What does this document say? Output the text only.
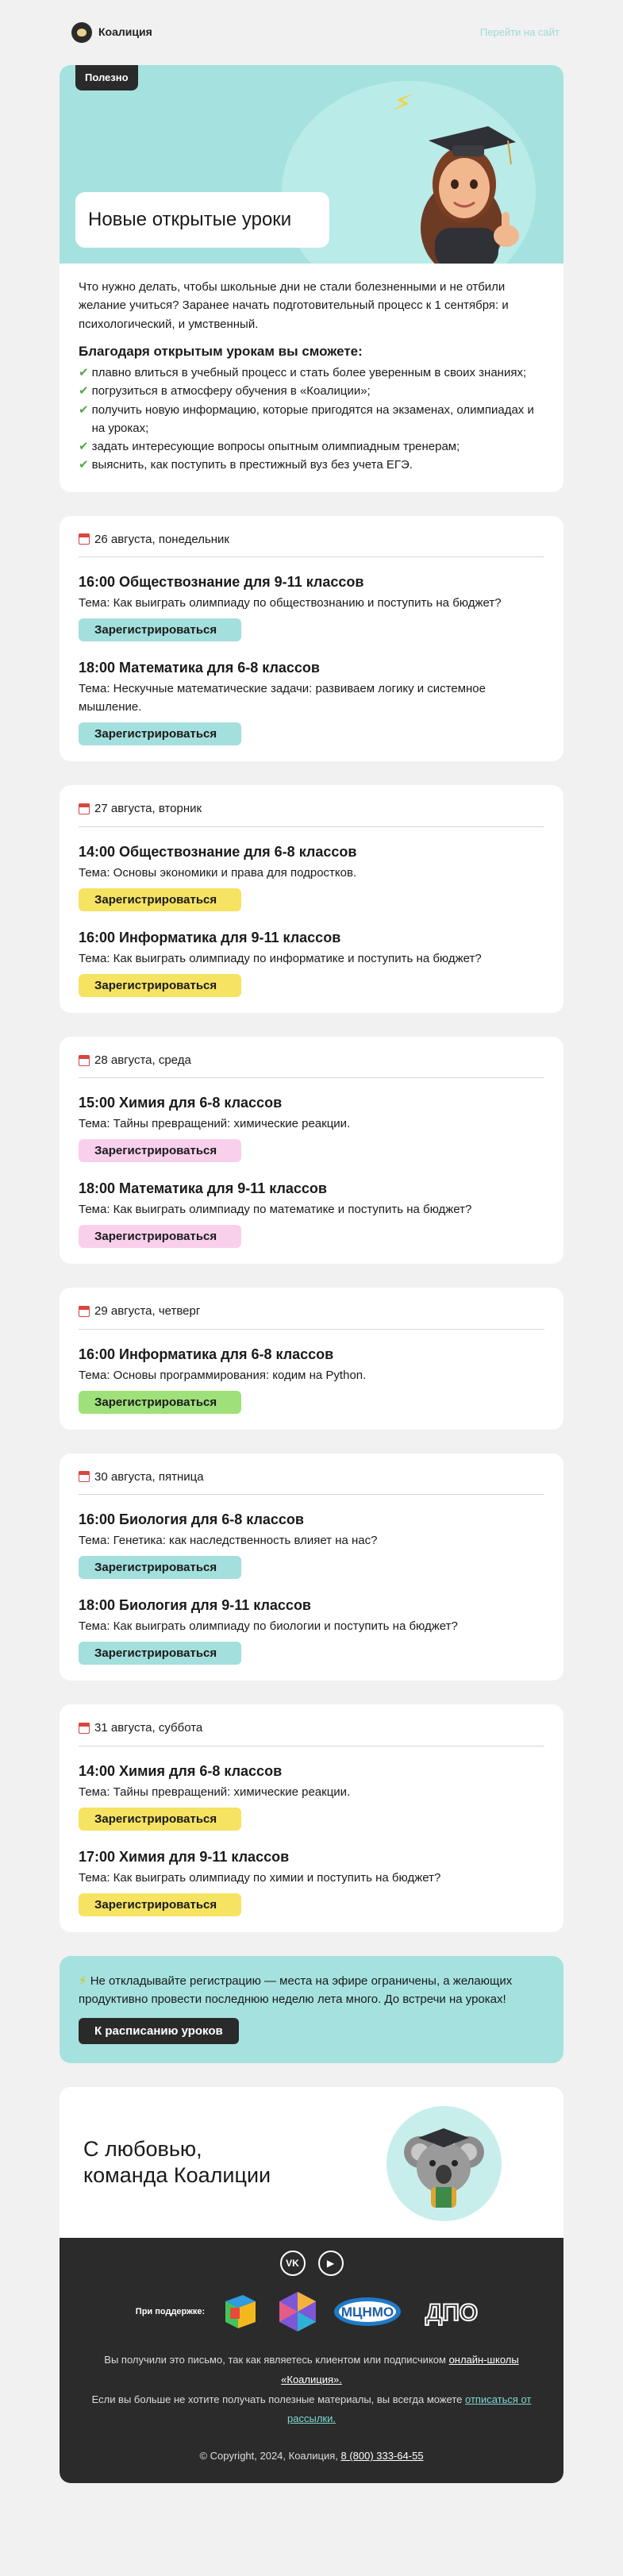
Коалиция	Перейти на сайт
Полезно
⚡
Новые открытые уроки

Что нужно делать, чтобы школьные дни не стали болезненными и не отбили желание учиться? Заранее начать подготовительный процесс к 1 сентября: и психологический, и умственный.

Благодаря открытым урокам вы сможете:
✔ плавно влиться в учебный процесс и стать более уверенным в своих знаниях;
✔ погрузиться в атмосферу обучения в «Коалиции»;
✔ получить новую информацию, которые пригодятся на экзаменах, олимпиадах и на уроках;
✔ задать интересующие вопросы опытным олимпиадным тренерам;
✔ выяснить, как поступить в престижный вуз без учета ЕГЭ.
26 августа, понедельник
16:00 Обществознание для 9-11 классов
Тема: Как выиграть олимпиаду по обществознанию и поступить на бюджет?
Зарегистрироваться
18:00 Математика для 6-8 классов
Тема: Нескучные математические задачи: развиваем логику и системное мышление.
Зарегистрироваться
27 августа, вторник
14:00 Обществознание для 6-8 классов
Тема: Основы экономики и права для подростков.
Зарегистрироваться
16:00 Информатика для 9-11 классов
Тема: Как выиграть олимпиаду по информатике и поступить на бюджет?
Зарегистрироваться
28 августа, среда
15:00 Химия для 6-8 классов
Тема: Тайны превращений: химические реакции.
Зарегистрироваться
18:00 Математика для 9-11 классов
Тема: Как выиграть олимпиаду по математике и поступить на бюджет?
Зарегистрироваться
29 августа, четверг
16:00 Информатика для 6-8 классов
Тема: Основы программирования: кодим на Python.
Зарегистрироваться
30 августа, пятница
16:00 Биология для 6-8 классов
Тема: Генетика: как наследственность влияет на нас?
Зарегистрироваться
18:00 Биология для 9-11 классов
Тема: Как выиграть олимпиаду по биологии и поступить на бюджет?
Зарегистрироваться
31 августа, суббота
14:00 Химия для 6-8 классов
Тема: Тайны превращений: химические реакции.
Зарегистрироваться
17:00 Химия для 9-11 классов
Тема: Как выиграть олимпиаду по химии и поступить на бюджет?
Зарегистрироваться

⚡ Не откладывайте регистрацию — места на эфире ограничены, а желающих продуктивно провести последнюю неделю лета много. До встречи на уроках!

К расписанию уроков
С любовью,
команда Коалиции
VK	▶
При поддержке:	МЦНМО ДПО
Вы получили это письмо, так как являетесь клиентом или подписчиком онлайн-школы «Коалиция».
Если вы больше не хотите получать полезные материалы, вы всегда можете отписаться от рассылки.
© Copyright, 2024, Коалиция, 8 (800) 333-64-55
